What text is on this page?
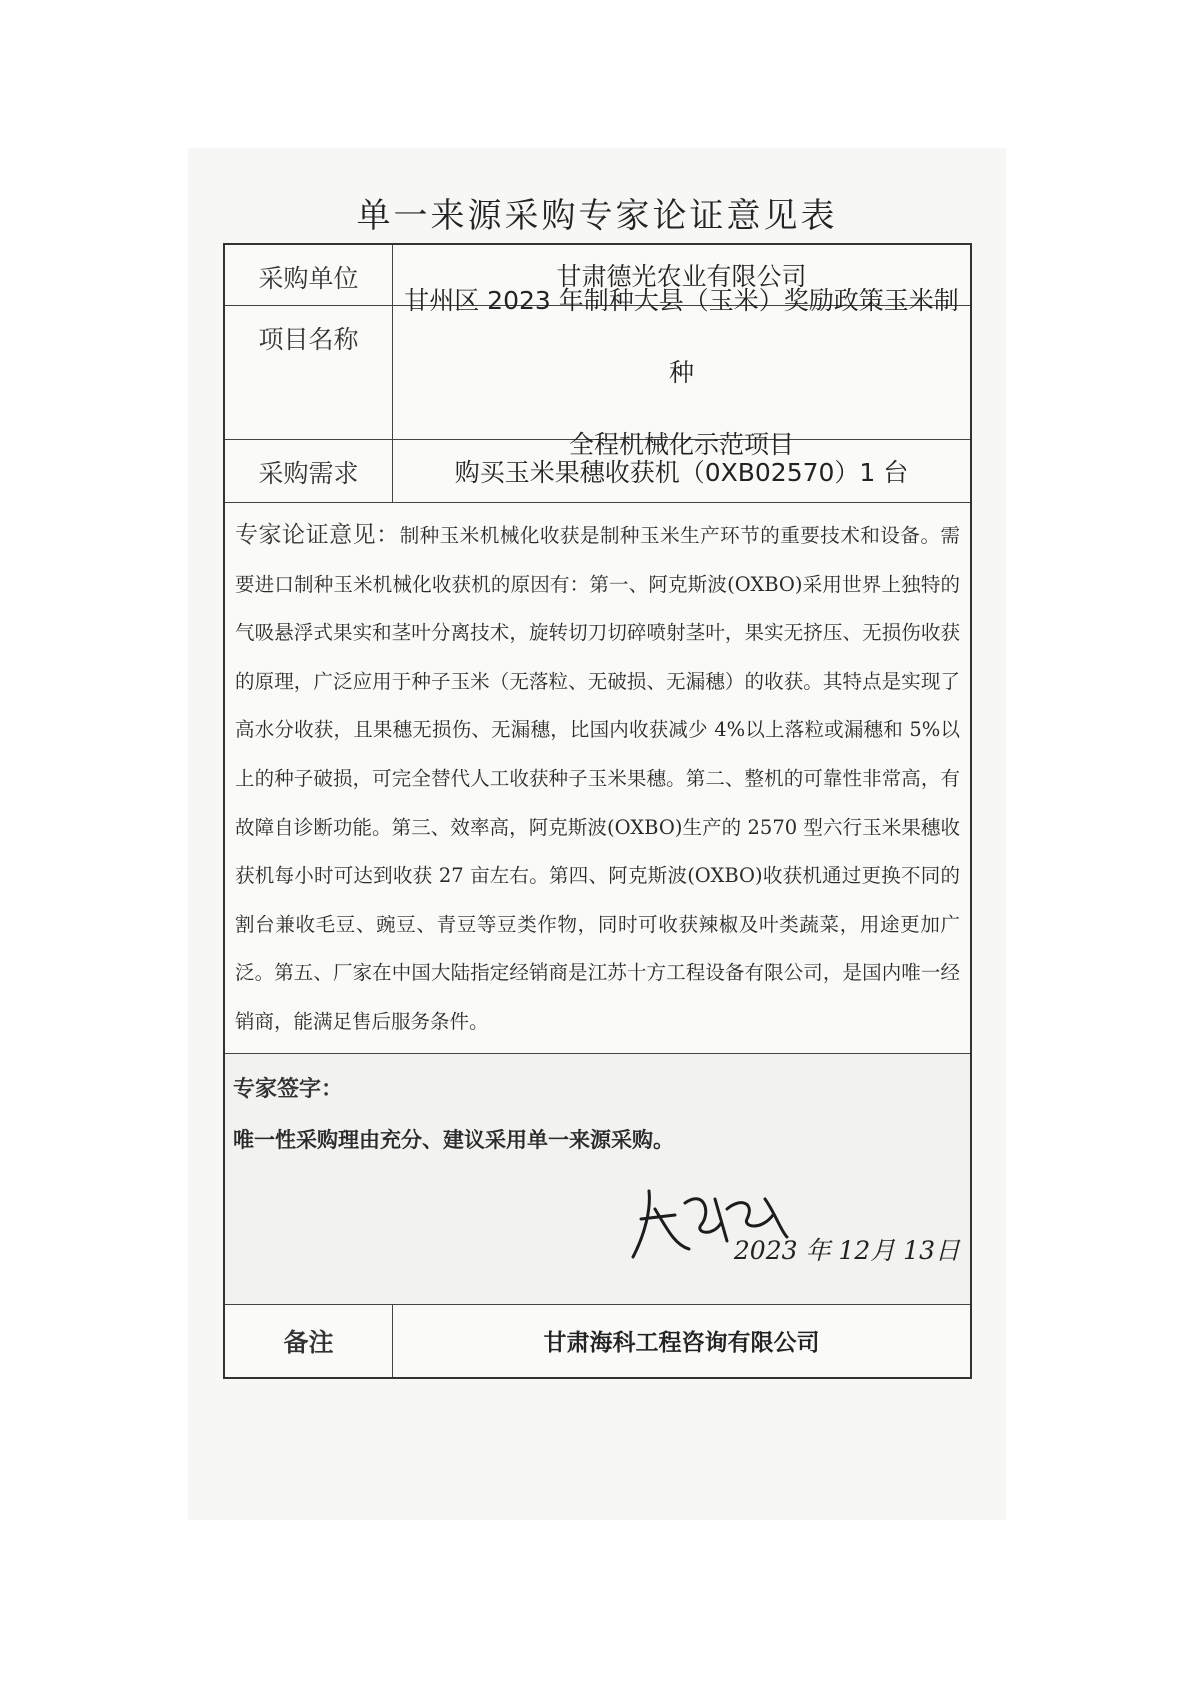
单一来源采购专家论证意见表
采购单位	甘肃德光农业有限公司
项目名称
甘州区 2023 年制种大县（玉米）奖励政策玉米制种
全程机械化示范项目
采购需求	购买玉米果穗收获机（0XB02570）1 台
专家论证意见：制种玉米机械化收获是制种玉米生产环节的重要技术和设备。需要进口制种玉米机械化收获机的原因有：第一、阿克斯波(OXBO)采用世界上独特的气吸悬浮式果实和茎叶分离技术，旋转切刀切碎喷射茎叶，果实无挤压、无损伤收获的原理，广泛应用于种子玉米（无落粒、无破损、无漏穗）的收获。其特点是实现了高水分收获，且果穗无损伤、无漏穗，比国内收获减少 4%以上落粒或漏穗和 5%以上的种子破损，可完全替代人工收获种子玉米果穗。第二、整机的可靠性非常高，有故障自诊断功能。第三、效率高，阿克斯波(OXBO)生产的 2570 型六行玉米果穗收获机每小时可达到收获 27 亩左右。第四、阿克斯波(OXBO)收获机通过更换不同的割台兼收毛豆、豌豆、青豆等豆类作物，同时可收获辣椒及叶类蔬菜，用途更加广泛。第五、厂家在中国大陆指定经销商是江苏十方工程设备有限公司，是国内唯一经销商，能满足售后服务条件。
专家签字：
唯一性采购理由充分、建议采用单一来源采购。
2023 年 12月 13日
备注	甘肃海科工程咨询有限公司
